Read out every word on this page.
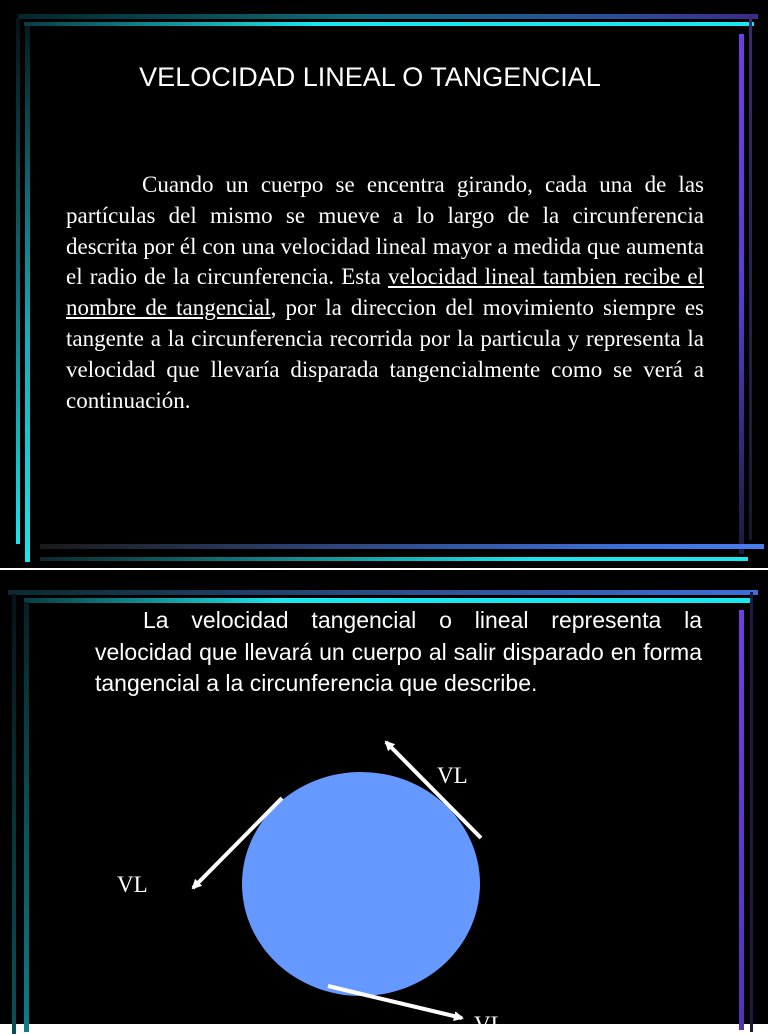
VELOCIDAD LINEAL O TANGENCIAL
Cuando un cuerpo se encentra girando, cada una de las partículas del mismo se mueve a lo largo de la circunferencia descrita por él con una velocidad lineal mayor a medida que aumenta el radio de la circunferencia. Esta velocidad lineal tambien recibe el nombre de tangencial, por la direccion del movimiento siempre es tangente a la circunferencia recorrida por la particula y representa la velocidad que llevaría disparada tangencialmente como se verá a continuación.
La velocidad tangencial o lineal representa la velocidad que llevará un cuerpo al salir disparado en forma tangencial a la circunferencia que describe.
VL
VL
VL
